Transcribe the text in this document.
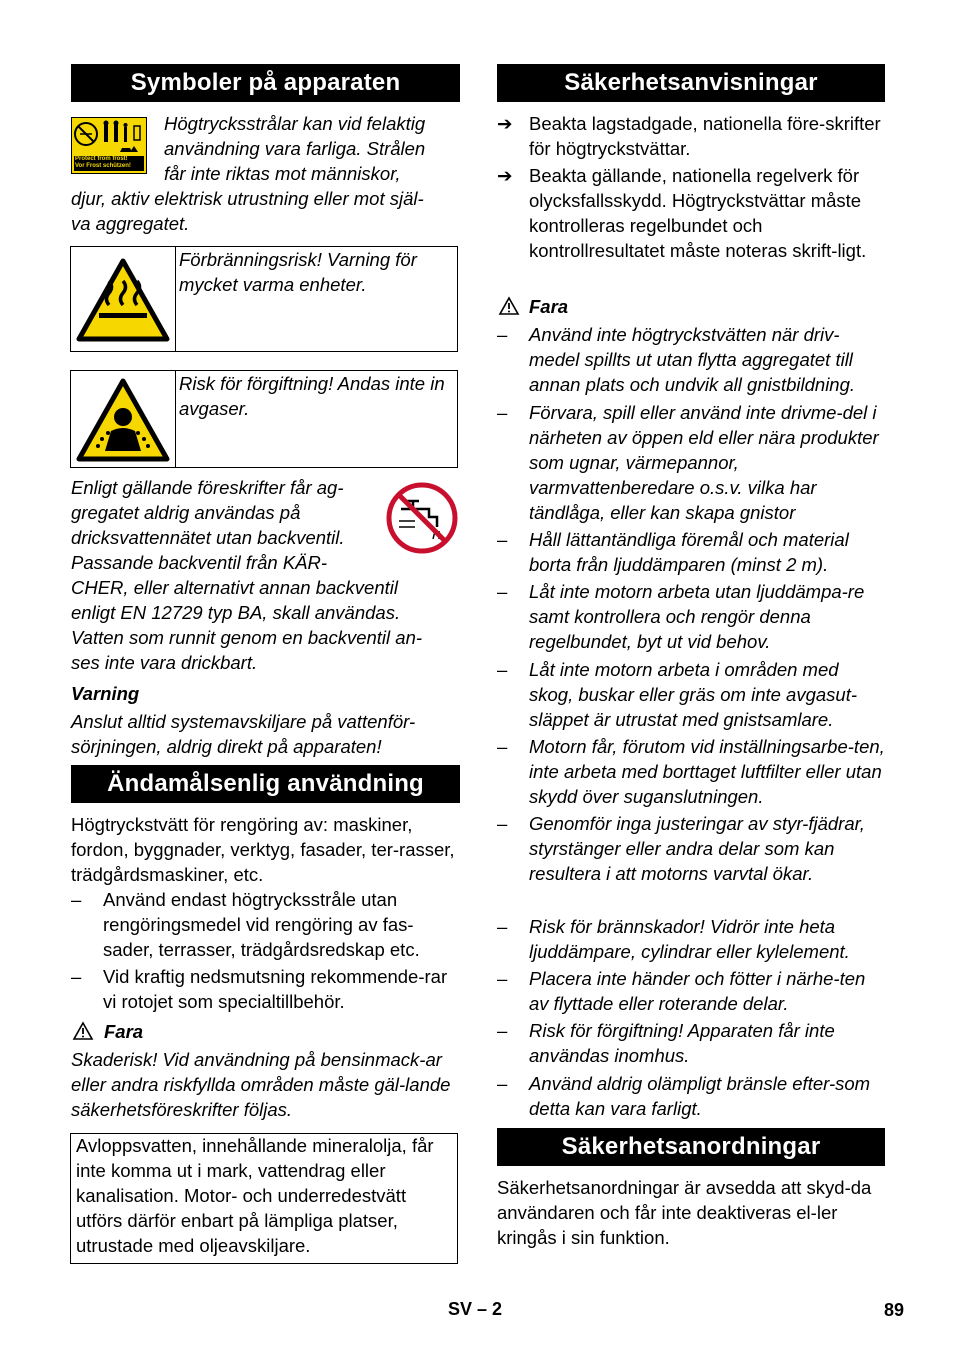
Symboler på apparaten
Protect from frost!
Vor Frost schützen!
Högtrycksstrålar kan vid felaktig
användning vara farliga. Strålen
får inte riktas mot människor,
djur, aktiv elektrisk utrustning eller mot själ-
va aggregatet.
Förbränningsrisk! Varning för mycket varma enheter.
Risk för förgiftning! Andas inte in avgaser.
Enligt gällande föreskrifter får ag-
gregatet aldrig användas på
dricksvattennätet utan backventil.
Passande backventil från KÄR-
CHER, eller alternativt annan backventil
enligt EN 12729 typ BA, skall användas.
Vatten som runnit genom en backventil an-
ses inte vara drickbart.
Varning
Anslut alltid systemavskiljare på vattenför-sörjningen, aldrig direkt på apparaten!
Ändamålsenlig användning
Högtryckstvätt för rengöring av: maskiner, fordon, byggnader, verktyg, fasader, ter-rasser, trädgårdsmaskiner, etc.
–	Använd endast högtrycksstråle utan rengöringsmedel vid rengöring av fas-sader, terrasser, trädgårdsredskap etc.
–	Vid kraftig nedsmutsning rekommende-rar vi rotojet som specialtillbehör.
Fara
Skaderisk! Vid användning på bensinmack-ar eller andra riskfyllda områden måste gäl-lande säkerhetsföreskrifter följas.
Avloppsvatten, innehållande mineralolja, får inte komma ut i mark, vattendrag eller kanalisation. Motor- och underredestvätt utförs därför enbart på lämpliga platser, utrustade med oljeavskiljare.
Säkerhetsanvisningar
➔ Beakta lagstadgade, nationella före-skrifter för högtryckstvättar.
➔ Beakta gällande, nationella regelverk för olycksfallsskydd. Högtryckstvättar måste kontrolleras regelbundet och kontrollresultatet måste noteras skrift-ligt.
Fara
–	Använd inte högtryckstvätten när driv-medel spillts ut utan flytta aggregatet till annan plats och undvik all gnistbildning.
–	Förvara, spill eller använd inte drivme-del i närheten av öppen eld eller nära produkter som ugnar, värmepannor, varmvattenberedare o.s.v. vilka har tändlåga, eller kan skapa gnistor
–	Håll lättantändliga föremål och material borta från ljuddämparen (minst 2 m).
–	Låt inte motorn arbeta utan ljuddämpa-re samt kontrollera och rengör denna regelbundet, byt ut vid behov.
–	Låt inte motorn arbeta i områden med skog, buskar eller gräs om inte avgasut-släppet är utrustat med gnistsamlare.
–	Motorn får, förutom vid inställningsarbe-ten, inte arbeta med borttaget luftfilter eller utan skydd över suganslutningen.
–	Genomför inga justeringar av styr-fjädrar, styrstänger eller andra delar som kan resultera i att motorns varvtal ökar.
–	Risk för brännskador! Vidrör inte heta ljuddämpare, cylindrar eller kylelement.
–	Placera inte händer och fötter i närhe-ten av flyttade eller roterande delar.
–	Risk för förgiftning! Apparaten får inte användas inomhus.
–	Använd aldrig olämpligt bränsle efter-som detta kan vara farligt.
Säkerhetsanordningar
Säkerhetsanordningar är avsedda att skyd-da användaren och får inte deaktiveras el-ler kringås i sin funktion.
SV – 2	89
